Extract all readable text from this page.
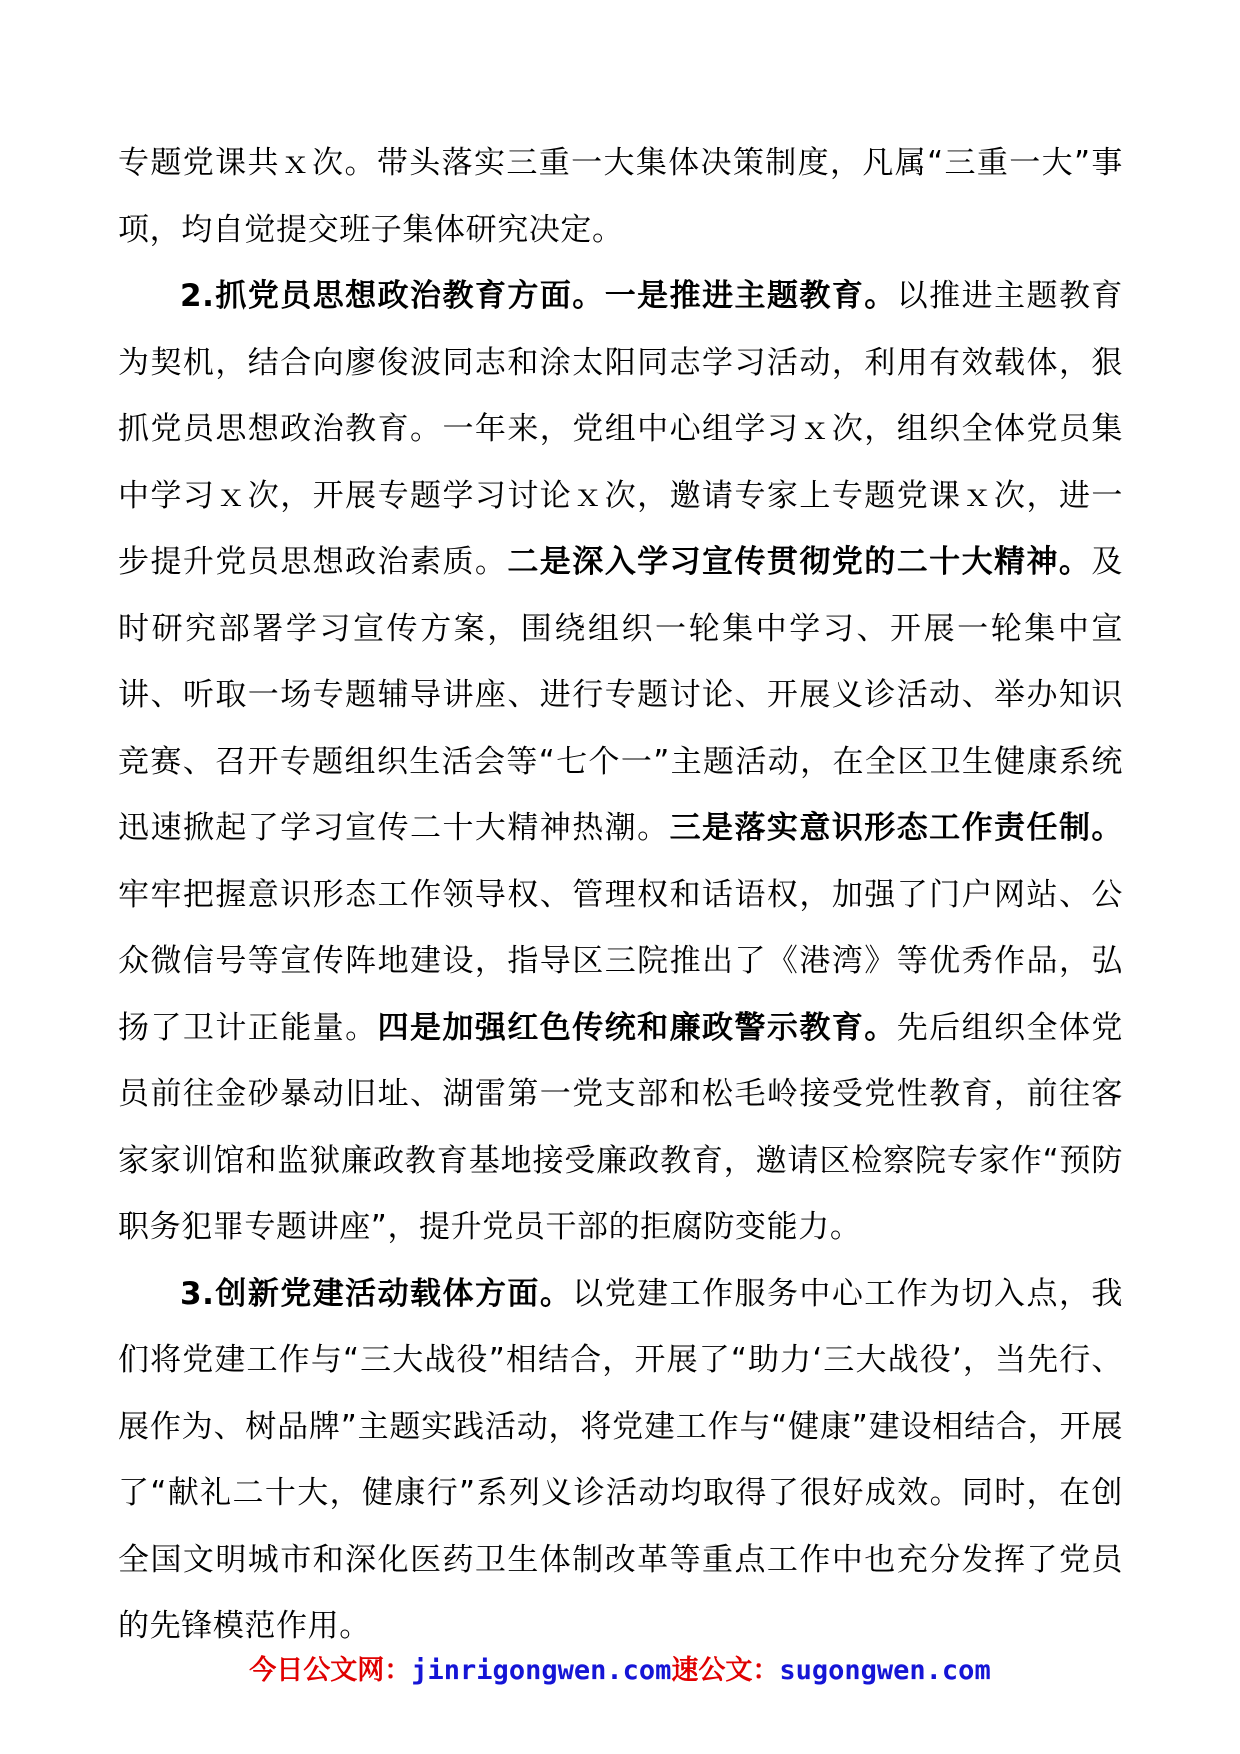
专题党课共ｘ次。带头落实三重一大集体决策制度，凡属“三重一大”事项，均自觉提交班子集体研究决定。

2.抓党员思想政治教育方面。一是推进主题教育。以推进主题教育为契机，结合向廖俊波同志和涂太阳同志学习活动，利用有效载体，狠抓党员思想政治教育。一年来，党组中心组学习ｘ次，组织全体党员集中学习ｘ次，开展专题学习讨论ｘ次，邀请专家上专题党课ｘ次，进一步提升党员思想政治素质。二是深入学习宣传贯彻党的二十大精神。及时研究部署学习宣传方案，围绕组织一轮集中学习、开展一轮集中宣讲、听取一场专题辅导讲座、进行专题讨论、开展义诊活动、举办知识竞赛、召开专题组织生活会等“七个一”主题活动，在全区卫生健康系统迅速掀起了学习宣传二十大精神热潮。三是落实意识形态工作责任制。牢牢把握意识形态工作领导权、管理权和话语权，加强了门户网站、公众微信号等宣传阵地建设，指导区三院推出了《港湾》等优秀作品，弘扬了卫计正能量。四是加强红色传统和廉政警示教育。先后组织全体党员前往金砂暴动旧址、湖雷第一党支部和松毛岭接受党性教育，前往客家家训馆和监狱廉政教育基地接受廉政教育，邀请区检察院专家作“预防职务犯罪专题讲座”，提升党员干部的拒腐防变能力。

3.创新党建活动载体方面。以党建工作服务中心工作为切入点，我们将党建工作与“三大战役”相结合，开展了“助力‘三大战役’，当先行、展作为、树品牌”主题实践活动，将党建工作与“健康”建设相结合，开展了“献礼二十大，健康行”系列义诊活动均取得了很好成效。同时，在创全国文明城市和深化医药卫生体制改革等重点工作中也充分发挥了党员的先锋模范作用。

今日公文网：jinrigongwen.com速公文：sugongwen.com
